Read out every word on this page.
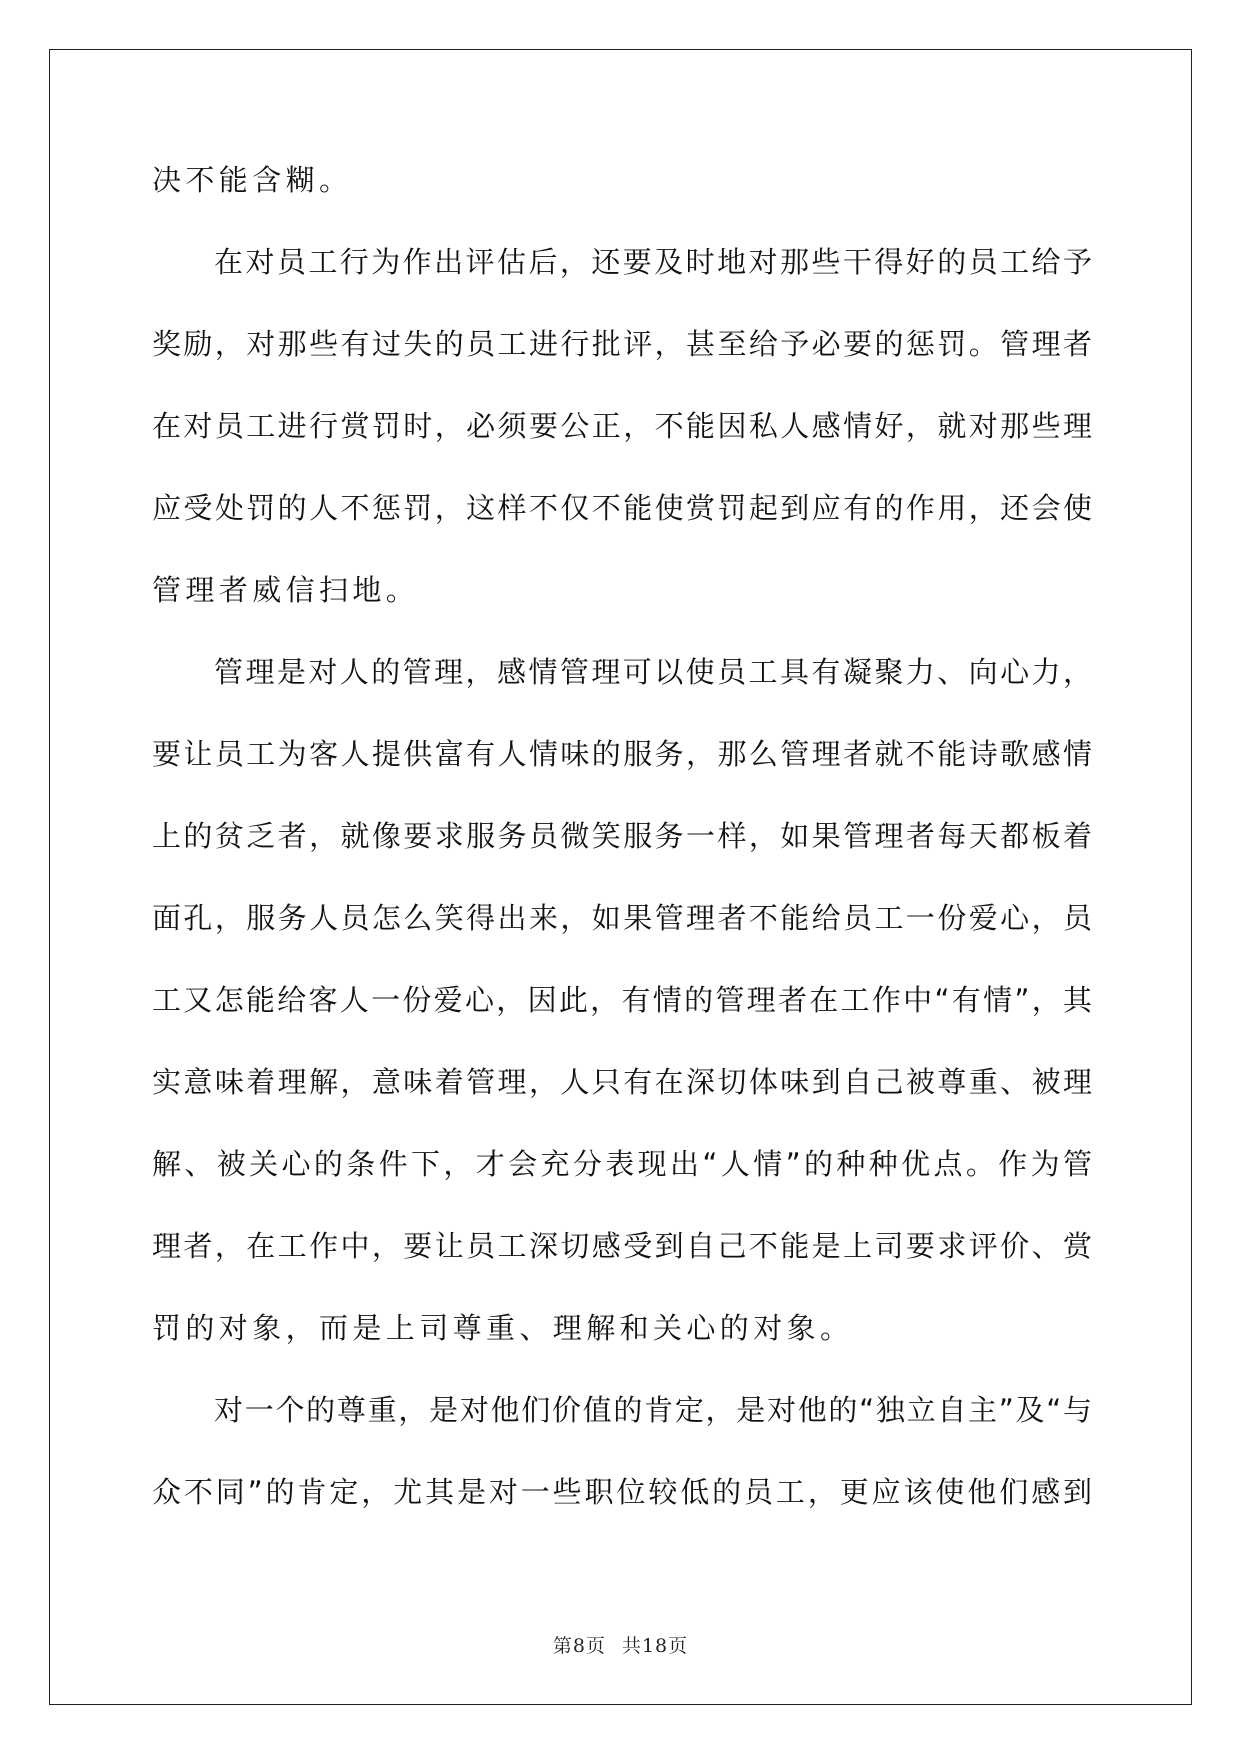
决不能含糊。
在对员工行为作出评估后，还要及时地对那些干得好的员工给予
奖励，对那些有过失的员工进行批评，甚至给予必要的惩罚。管理者
在对员工进行赏罚时，必须要公正，不能因私人感情好，就对那些理
应受处罚的人不惩罚，这样不仅不能使赏罚起到应有的作用，还会使
管理者威信扫地。
管理是对人的管理，感情管理可以使员工具有凝聚力、向心力，
要让员工为客人提供富有人情味的服务，那么管理者就不能诗歌感情
上的贫乏者，就像要求服务员微笑服务一样，如果管理者每天都板着
面孔，服务人员怎么笑得出来，如果管理者不能给员工一份爱心，员
工又怎能给客人一份爱心，因此，有情的管理者在工作中“有情”，其
实意味着理解，意味着管理，人只有在深切体味到自己被尊重、被理
解、被关心的条件下，才会充分表现出“人情”的种种优点。作为管
理者，在工作中，要让员工深切感受到自己不能是上司要求评价、赏
罚的对象，而是上司尊重、理解和关心的对象。
对一个的尊重，是对他们价值的肯定，是对他的“独立自主”及“与
众不同”的肯定，尤其是对一些职位较低的员工，更应该使他们感到
第8页 共18页
